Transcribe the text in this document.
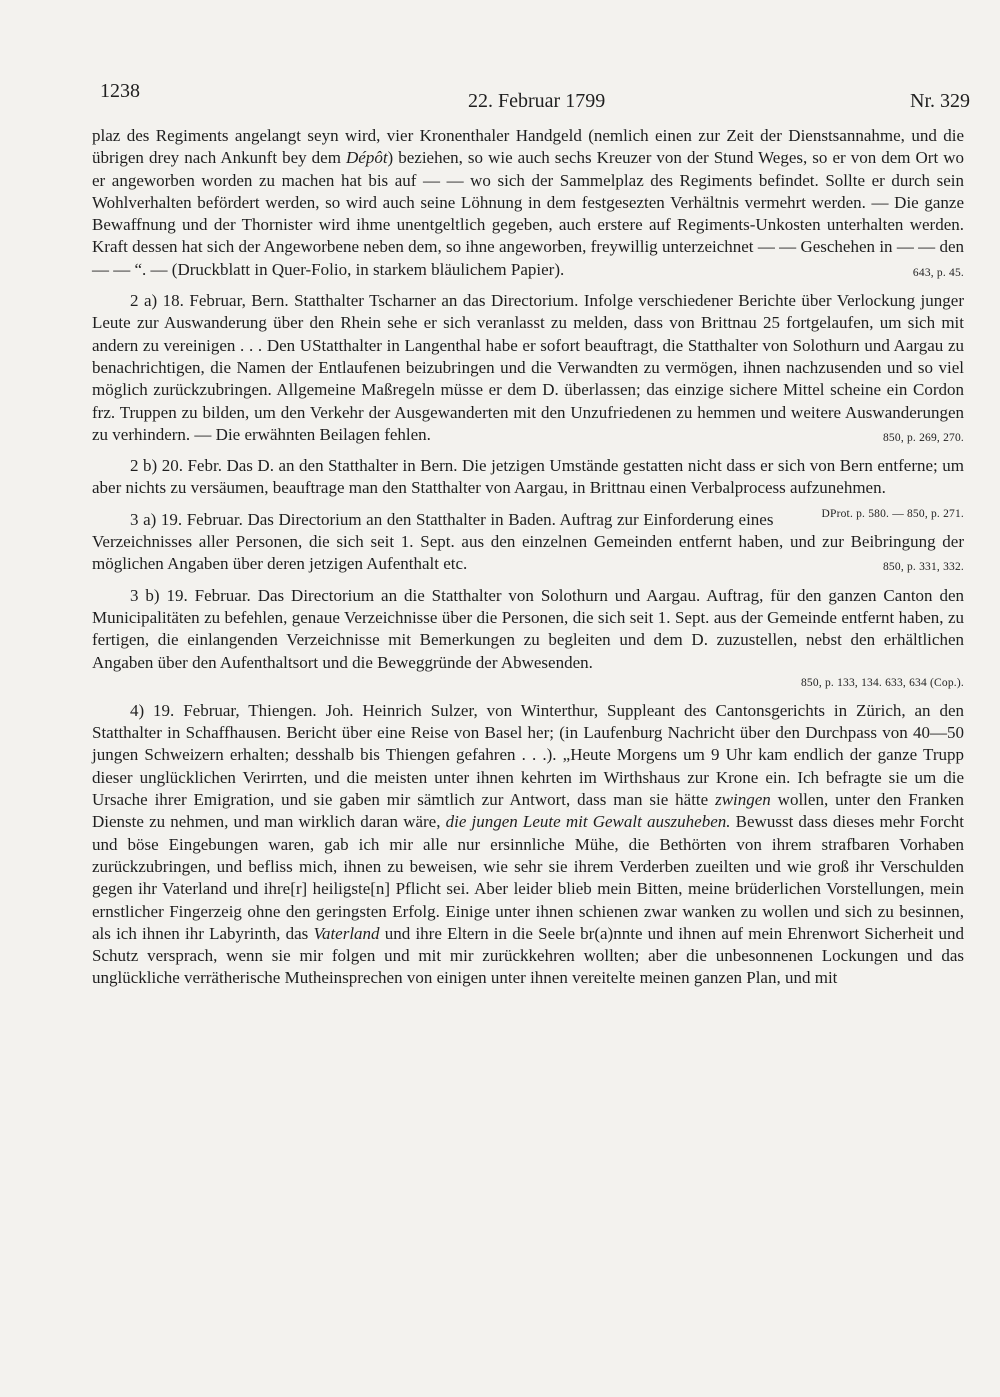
1238	22. Februar 1799	Nr. 329

plaz des Regiments angelangt seyn wird, vier Kronenthaler Handgeld (nemlich einen zur Zeit der Dienstsannahme, und die übrigen drey nach Ankunft bey dem Dépôt) beziehen, so wie auch sechs Kreuzer von der Stund Weges, so er von dem Ort wo er angeworben worden zu machen hat bis auf — — wo sich der Sammelplaz des Regiments befindet. Sollte er durch sein Wohlverhalten befördert werden, so wird auch seine Löhnung in dem festgesezten Verhältnis vermehrt werden. — Die ganze Bewaffnung und der Thornister wird ihme unentgeltlich gegeben, auch erstere auf Regiments-Unkosten unterhalten werden. Kraft dessen hat sich der Angeworbene neben dem, so ihne angeworben, freywillig unterzeichnet — — Geschehen in — — den — — “. — (Druckblatt in Quer-Folio, in starkem bläulichem Papier).	643, p. 45.

2 a) 18. Februar, Bern. Statthalter Tscharner an das Directorium. Infolge verschiedener Berichte über Verlockung junger Leute zur Auswanderung über den Rhein sehe er sich veranlasst zu melden, dass von Brittnau 25 fortgelaufen, um sich mit andern zu vereinigen . . . Den UStatthalter in Langenthal habe er sofort beauftragt, die Statthalter von Solothurn und Aargau zu benachrichtigen, die Namen der Entlaufenen beizubringen und die Verwandten zu vermögen, ihnen nachzusenden und so viel möglich zurückzubringen. Allgemeine Maßregeln müsse er dem D. überlassen; das einzige sichere Mittel scheine ein Cordon frz. Truppen zu bilden, um den Verkehr der Ausgewanderten mit den Unzufriedenen zu hemmen und weitere Auswanderungen zu verhindern. — Die erwähnten Beilagen fehlen.	850, p. 269, 270.

2 b) 20. Febr. Das D. an den Statthalter in Bern. Die jetzigen Umstände gestatten nicht dass er sich von Bern entferne; um aber nichts zu versäumen, beauftrage man den Statthalter von Aargau, in Brittnau einen Verbalprocess aufzunehmen.
DProt. p. 580. — 850, p. 271.

3 a) 19. Februar. Das Directorium an den Statthalter in Baden. Auftrag zur Einforderung eines Verzeichnisses aller Personen, die sich seit 1. Sept. aus den einzelnen Gemeinden entfernt haben, und zur Beibringung der möglichen Angaben über deren jetzigen Aufenthalt etc.	850, p. 331, 332.

3 b) 19. Februar. Das Directorium an die Statthalter von Solothurn und Aargau. Auftrag, für den ganzen Canton den Municipalitäten zu befehlen, genaue Verzeichnisse über die Personen, die sich seit 1. Sept. aus der Gemeinde entfernt haben, zu fertigen, die einlangenden Verzeichnisse mit Bemerkungen zu begleiten und dem D. zuzustellen, nebst den erhältlichen Angaben über den Aufenthaltsort und die Beweggründe der Abwesenden.
850, p. 133, 134. 633, 634 (Cop.).

4) 19. Februar, Thiengen. Joh. Heinrich Sulzer, von Winterthur, Suppleant des Cantonsgerichts in Zürich, an den Statthalter in Schaffhausen. Bericht über eine Reise von Basel her; (in Laufenburg Nachricht über den Durchpass von 40—50 jungen Schweizern erhalten; desshalb bis Thiengen gefahren . . .). „Heute Morgens um 9 Uhr kam endlich der ganze Trupp dieser unglücklichen Verirrten, und die meisten unter ihnen kehrten im Wirthshaus zur Krone ein. Ich befragte sie um die Ursache ihrer Emigration, und sie gaben mir sämtlich zur Antwort, dass man sie hätte zwingen wollen, unter den Franken Dienste zu nehmen, und man wirklich daran wäre, die jungen Leute mit Gewalt auszuheben. Bewusst dass dieses mehr Forcht und böse Eingebungen waren, gab ich mir alle nur ersinnliche Mühe, die Bethörten von ihrem strafbaren Vorhaben zurückzubringen, und befliss mich, ihnen zu beweisen, wie sehr sie ihrem Verderben zueilten und wie groß ihr Verschulden gegen ihr Vaterland und ihre[r] heiligste[n] Pflicht sei. Aber leider blieb mein Bitten, meine brüderlichen Vorstellungen, mein ernstlicher Fingerzeig ohne den geringsten Erfolg. Einige unter ihnen schienen zwar wanken zu wollen und sich zu besinnen, als ich ihnen ihr Labyrinth, das Vaterland und ihre Eltern in die Seele br(a)nnte und ihnen auf mein Ehrenwort Sicherheit und Schutz versprach, wenn sie mir folgen und mit mir zurückkehren wollten; aber die unbesonnenen Lockungen und das unglückliche verrätherische Mutheinsprechen von einigen unter ihnen vereitelte meinen ganzen Plan, und mit
